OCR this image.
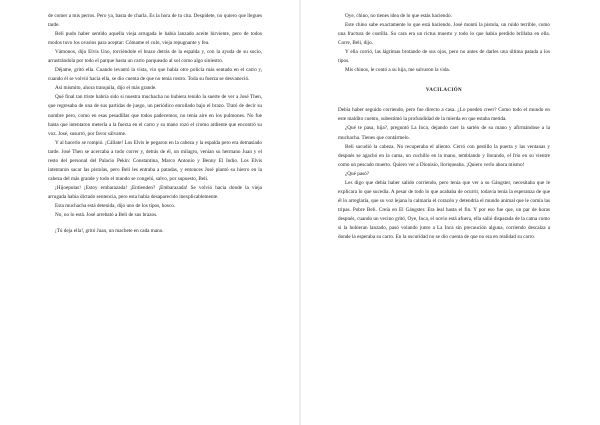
de comer a mis perros. Pero ya, basta de charla. Es la hora de tu cita. Despídete, no quiero que llegues tarde.

Beli pudo haber sentido aquella vieja arrugada le había lanzado aceite hirviente, pero de todos modos tuvo los ovarios para aceptar: Cómame el culo, vieja repugnante y fea.

Vámonos, dijo Elvis Uno, torciéndole el brazo detrás de la espalda y, con la ayuda de su socio, arrastrándola por todo el parque hasta un carro parqueado al sol como algo siniestro.

Déjame, gritó ella. Cuando levantó la vista, vio que había otro policía más sentado en el carro y, cuando él se volvió hacia ella, se dio cuenta de que no tenía rostro. Toda su fuerza se desvaneció.

Así mismito, ahora tranquila, dijo el más grande.

Qué final tan triste habría sido si nuestra muchacha no hubiera tenido la suerte de ver a José Then, que regresaba de una de sus partidas de juego, un periódico enrollado bajo el brazo. Trató de decir su nombre pero, como en esas pesadillas que todos padecemos, no tenía aire en los pulmones. No fue hasta que intentaron meterla a la fuerza en el carro y su mano rozó el cromo ardiente que encontró su voz. José, susurró, por favor sálvame.

Y al hacerlo se rompió. ¡Cállate! Los Elvis le pegaron en la cabeza y la espalda pero era demasiado tarde. José Then se acercaba a todo correr y, detrás de él, un milagro, venían su hermano Juan y el resto del personal del Palacio Pekín: Constantina, Marco Antonio y Benny El Indio. Los Elvis intentaron sacar las pistolas, pero Beli les entraba a patadas, y entonces José plantó su hierro en la cabeza del más grande y todo el mundo se congeló, salvo, por supuesto, Beli.

¡Hijoeputas! ¡Estoy embarazada! ¡Entienden? ¡Embarazada! Se volvió hacia donde la vieja arrugada había dictado sentencia, pero esta había desaparecido inexplicablemente.

Esta muchacha está detenida, dijo uno de los tipos, hosco.

No, no lo está. José arrebató a Beli de sus brazos.

¡Tú deja ella!, gritó Juan, un machete en cada mano.

Oye, chino, no tienes idea de lo que estás haciendo.

Este chino sabe exactamente lo que está haciendo. José montó la pistola, un ruido terrible, como una fractura de costilla. Su cara era un rictus muerto y todo lo que había perdido brillaba en ella. Corre, Beli, dijo.

Y ella corrió, las lágrimas brotando de sus ojos, pero no antes de darles una última patada a los tipos.

Mis chinos, le contó a su hija, me salvaron la vida.

VACILACIÓN

Debía haber seguido corriendo, pero fue directo a casa. ¿Lo pueden creer? Como todo el mundo en este maldito cuento, subestimó la profundidad de la mierda en que estaba metida.

¿Qué te pasa, hija?, preguntó La Inca, dejando caer la sartén de su mano y afirmándose a la muchacha. Tienes que contármelo.

Beli sacudió la cabeza. No recuperaba el aliento. Cerró con pestillo la puerta y las ventanas y después se agachó en la cama, un cuchillo en la mano, temblando y llorando, el frío en su vientre como un pescado muerto. Quiero ver a Dionisio, lloriqueaba. ¡Quiero verlo ahora mismo!

¿Qué pasó?

Les digo que debía haber salido corriendo, pero tenía que ver a su Gángster, necesitaba que le explicara lo que sucedía. A pesar de todo lo que acababa de ocurrir, todavía tenía la esperanza de que él lo arreglaría, que su voz lejana la calmaría el corazón y detendría el mundo animal que le comía las tripas. Pobre Beli. Creía en El Gángster. Era leal hasta el fin. Y por eso fue que, un par de horas después, cuando un vecino gritó, Oye, Inca, el novio está afuera, ella salió disparada de la cama como si la hubieran lanzado, pasó volando junto a La Inca sin precaución alguna, corriendo descalza a donde la esperaba su carro. En la oscuridad no se dio cuenta de que no era en realidad su carro.
